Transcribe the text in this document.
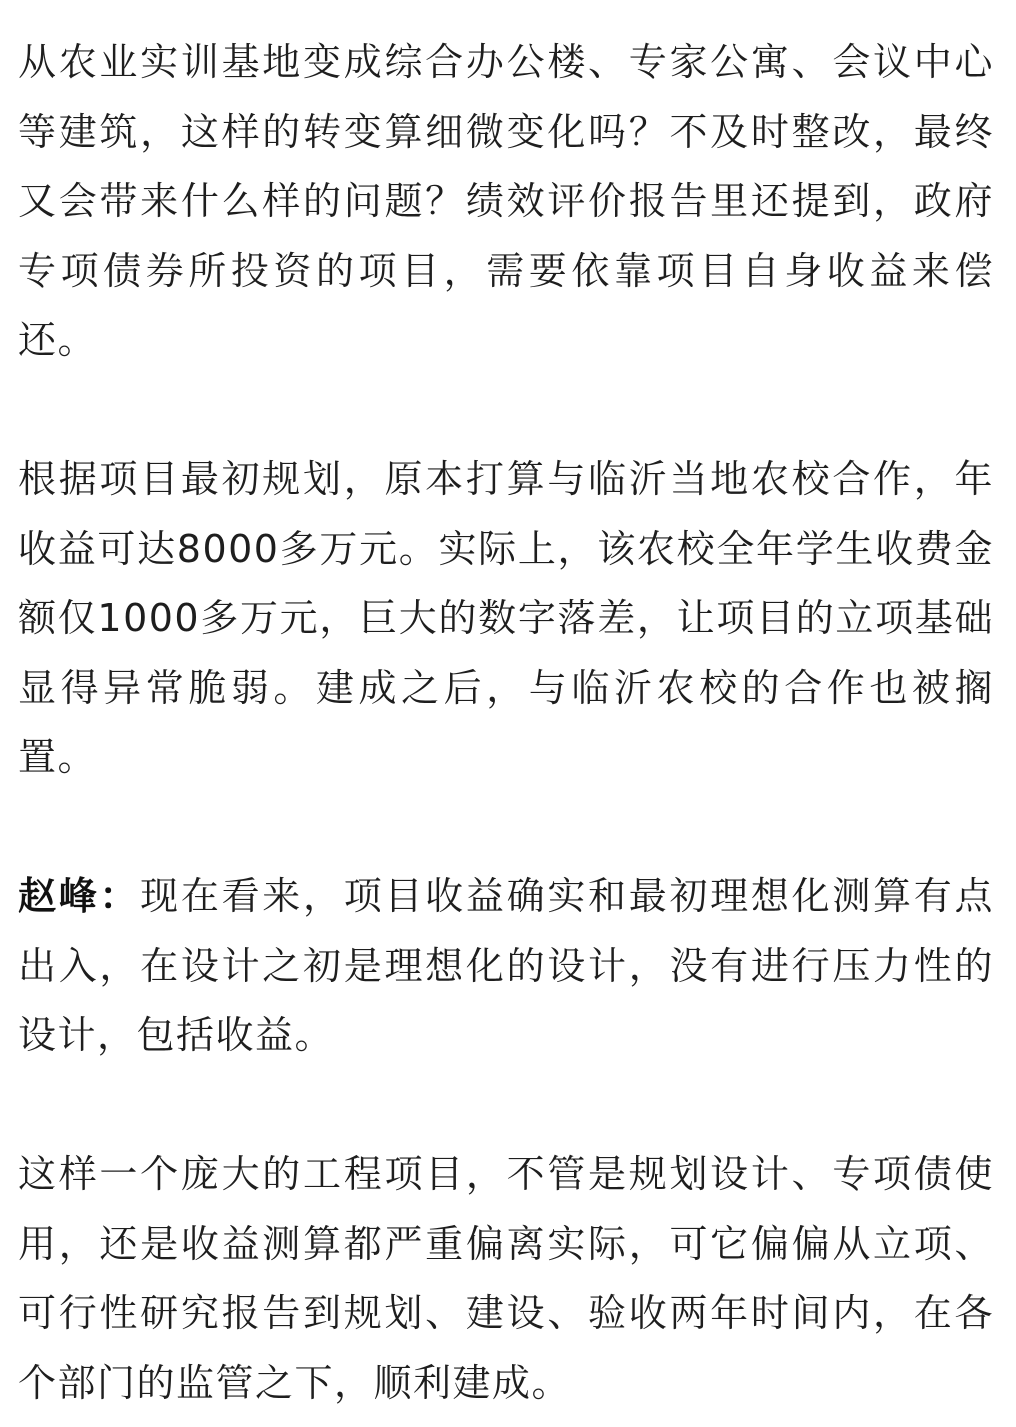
从农业实训基地变成综合办公楼、专家公寓、会议中心等建筑，这样的转变算细微变化吗？不及时整改，最终又会带来什么样的问题？绩效评价报告里还提到，政府专项债券所投资的项目，需要依靠项目自身收益来偿还。

根据项目最初规划，原本打算与临沂当地农校合作，年收益可达8000多万元。实际上，该农校全年学生收费金额仅1000多万元，巨大的数字落差，让项目的立项基础显得异常脆弱。建成之后，与临沂农校的合作也被搁置。

赵峰：现在看来，项目收益确实和最初理想化测算有点出入，在设计之初是理想化的设计，没有进行压力性的设计，包括收益。

这样一个庞大的工程项目，不管是规划设计、专项债使用，还是收益测算都严重偏离实际，可它偏偏从立项、可行性研究报告到规划、建设、验收两年时间内，在各个部门的监管之下，顺利建成。
